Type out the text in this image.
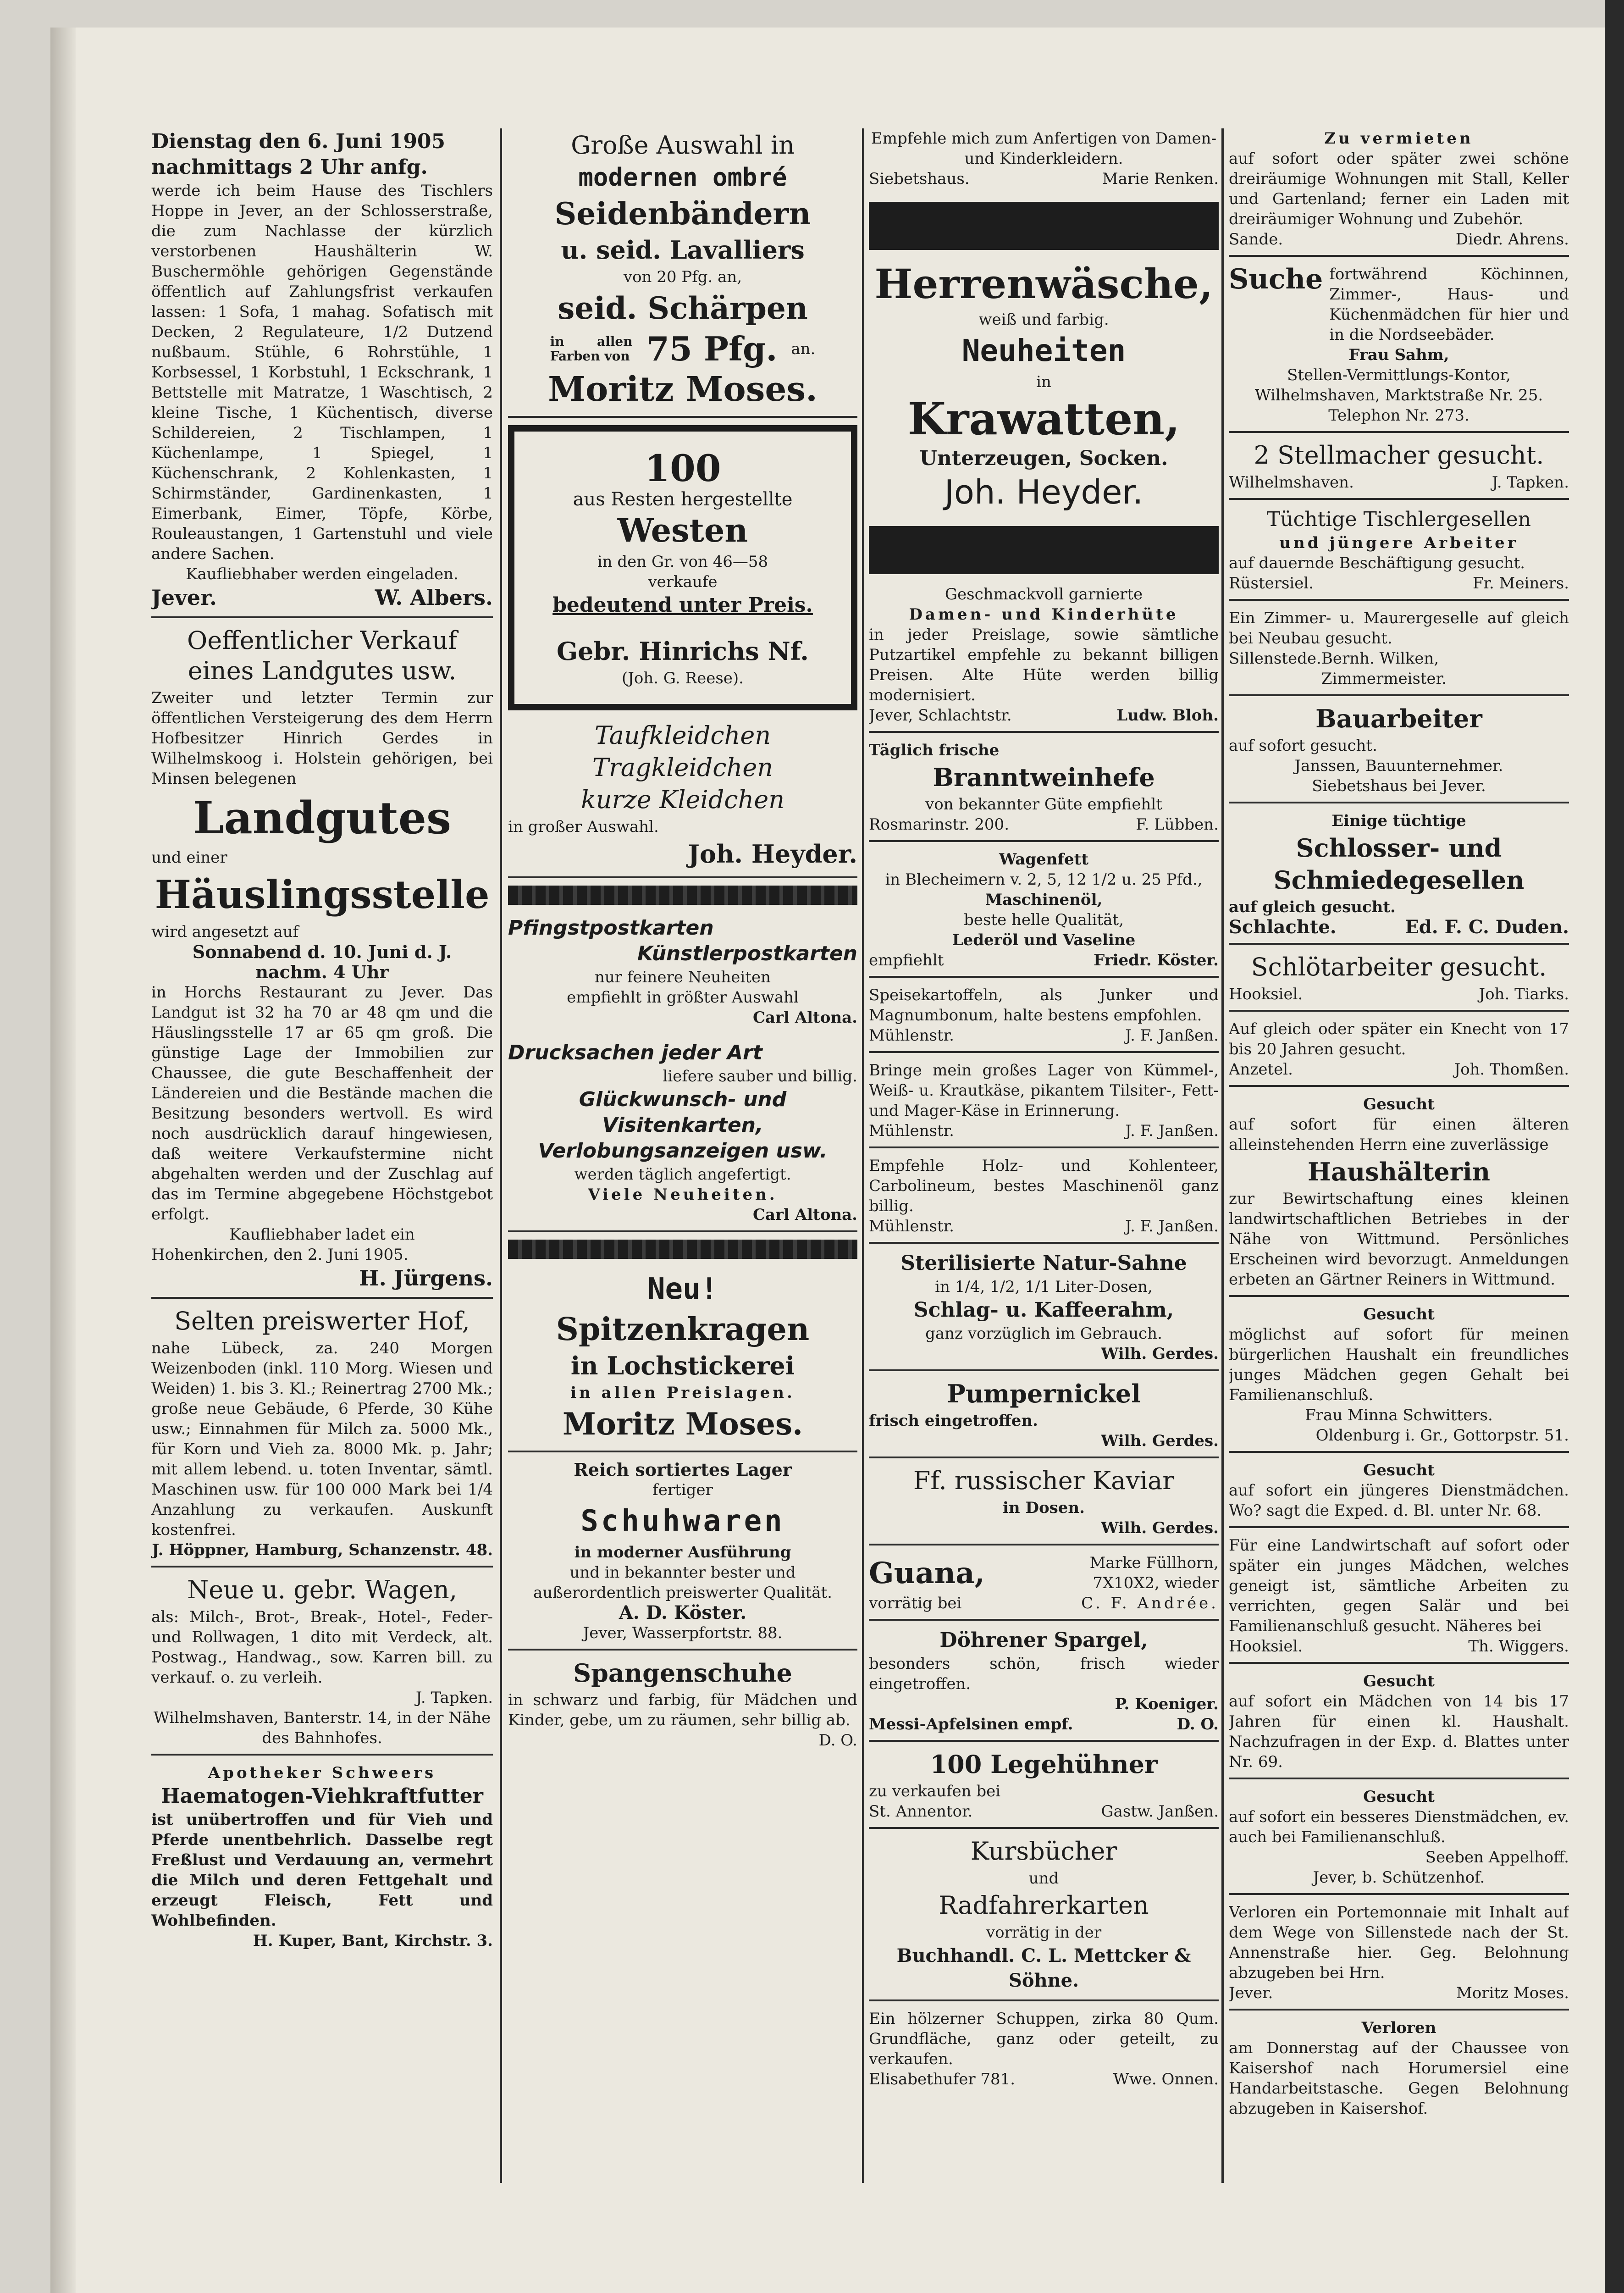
Dienstag den 6. Juni 1905

nachmittags 2 Uhr anfg.

werde ich beim Hause des Tischlers Hoppe in Jever, an der Schlosserstraße, die zum Nachlasse der kürzlich verstorbenen Haushälterin W. Buschermöhle gehörigen Gegenstände öffentlich auf Zahlungsfrist verkaufen lassen: 1 Sofa, 1 mahag. Sofatisch mit Decken, 2 Regulateure, 1/2 Dutzend nußbaum. Stühle, 6 Rohrstühle, 1 Korbsessel, 1 Korbstuhl, 1 Eckschrank, 1 Bettstelle mit Matratze, 1 Waschtisch, 2 kleine Tische, 1 Küchentisch, diverse Schildereien, 2 Tischlampen, 1 Küchenlampe, 1 Spiegel, 1 Küchenschrank, 2 Kohlenkasten, 1 Schirmständer, Gardinenkasten, 1 Eimerbank, Eimer, Töpfe, Körbe, Rouleaustangen, 1 Gartenstuhl und viele andere Sachen.

Kaufliebhaber werden eingeladen.

Jever.	W. Albers.

Oeffentlicher Verkauf eines Landgutes usw.

Zweiter und letzter Termin zur öffentlichen Versteigerung des dem Herrn Hofbesitzer Hinrich Gerdes in Wilhelmskoog i. Holstein gehörigen, bei Minsen belegenen

Landgutes

und einer

Häuslingsstelle

wird angesetzt auf

Sonnabend d. 10. Juni d. J.

nachm. 4 Uhr

in Horchs Restaurant zu Jever. Das Landgut ist 32 ha 70 ar 48 qm und die Häuslingsstelle 17 ar 65 qm groß. Die günstige Lage der Immobilien zur Chaussee, die gute Beschaffenheit der Ländereien und die Bestände machen die Besitzung besonders wertvoll. Es wird noch ausdrücklich darauf hingewiesen, daß weitere Verkaufstermine nicht abgehalten werden und der Zuschlag auf das im Termine abgegebene Höchstgebot erfolgt.

Kaufliebhaber ladet ein

Hohenkirchen, den 2. Juni 1905.

H. Jürgens.

Selten preiswerter Hof,

nahe Lübeck, za. 240 Morgen Weizenboden (inkl. 110 Morg. Wiesen und Weiden) 1. bis 3. Kl.; Reinertrag 2700 Mk.; große neue Gebäude, 6 Pferde, 30 Kühe usw.; Einnahmen für Milch za. 5000 Mk., für Korn und Vieh za. 8000 Mk. p. Jahr; mit allem lebend. u. toten Inventar, sämtl. Maschinen usw. für 100 000 Mark bei 1/4 Anzahlung zu verkaufen. Auskunft kostenfrei.

J. Höppner, Hamburg, Schanzenstr. 48.

Neue u. gebr. Wagen,

als: Milch-, Brot-, Break-, Hotel-, Feder- und Rollwagen, 1 dito mit Verdeck, alt. Postwag., Handwag., sow. Karren bill. zu verkauf. o. zu verleih.

J. Tapken.

Wilhelmshaven, Banterstr. 14, in der Nähe des Bahnhofes.

Apotheker Schweers

Haematogen-Viehkraftfutter

ist unübertroffen und für Vieh und Pferde unentbehrlich. Dasselbe regt Freßlust und Verdauung an, vermehrt die Milch und deren Fettgehalt und erzeugt Fleisch, Fett und Wohlbefinden.

H. Kuper, Bant, Kirchstr. 3.

Große Auswahl in

modernen ombré

Seidenbändern

u. seid. Lavalliers

von 20 Pfg. an,

seid. Schärpen

in allen Farben von 75 Pfg. an.

Moritz Moses.

100

aus Resten hergestellte

Westen

in den Gr. von 46—58

verkaufe

bedeutend unter Preis.

Gebr. Hinrichs Nf.

(Joh. G. Reese).

Taufkleidchen

Tragkleidchen

kurze Kleidchen

in großer Auswahl.

Joh. Heyder.

Pfingstpostkarten

Künstlerpostkarten

nur feinere Neuheiten

empfiehlt in größter Auswahl

Carl Altona.

Drucksachen jeder Art

liefere sauber und billig.

Glückwunsch- und

Visitenkarten,

Verlobungsanzeigen usw.

werden täglich angefertigt.

Viele Neuheiten.

Carl Altona.

Neu!

Spitzenkragen

in Lochstickerei

in allen Preislagen.

Moritz Moses.

Reich sortiertes Lager

fertiger

Schuhwaren

in moderner Ausführung

und in bekannter bester und außerordentlich preiswerter Qualität.

A. D. Köster.

Jever, Wasserpfortstr. 88.

Spangenschuhe

in schwarz und farbig, für Mädchen und Kinder, gebe, um zu räumen, sehr billig ab.

D. O.

Empfehle mich zum Anfertigen von Damen- und Kinderkleidern.

Siebetshaus.	Marie Renken.

Herrenwäsche,

weiß und farbig.

Neuheiten

in

Krawatten,

Unterzeugen, Socken.

Joh. Heyder.

Geschmackvoll garnierte

Damen- und Kinderhüte

in jeder Preislage, sowie sämtliche Putzartikel empfehle zu bekannt billigen Preisen. Alte Hüte werden billig modernisiert.

Jever, Schlachtstr.	Ludw. Bloh.

Täglich frische

Branntweinhefe

von bekannter Güte empfiehlt

Rosmarinstr. 200.	F. Lübben.

Wagenfett

in Blecheimern v. 2, 5, 12 1/2 u. 25 Pfd.,

Maschinenöl,

beste helle Qualität,

Lederöl und Vaseline

empfiehlt	Friedr. Köster.

Speisekartoffeln, als Junker und Magnumbonum, halte bestens empfohlen.

Mühlenstr.	J. F. Janßen.

Bringe mein großes Lager von Kümmel-, Weiß- u. Krautkäse, pikantem Tilsiter-, Fett- und Mager-Käse in Erinnerung.

Mühlenstr.	J. F. Janßen.

Empfehle Holz- und Kohlenteer, Carbolineum, bestes Maschinenöl ganz billig.

Mühlenstr.	J. F. Janßen.

Sterilisierte Natur-Sahne

in 1/4, 1/2, 1/1 Liter-Dosen,

Schlag- u. Kaffeerahm,

ganz vorzüglich im Gebrauch.

Wilh. Gerdes.

Pumpernickel

frisch eingetroffen.

Wilh. Gerdes.

Ff. russischer Kaviar

in Dosen.

Wilh. Gerdes.

Guana,	Marke Füllhorn,

7X10X2, wieder

vorrätig bei	C. F. Andrée.

Döhrener Spargel,

besonders schön, frisch wieder eingetroffen.

P. Koeniger.

Messi-Apfelsinen empf.	D. O.

100 Legehühner

zu verkaufen bei

St. Annentor.	Gastw. Janßen.

Kursbücher

und

Radfahrerkarten

vorrätig in der

Buchhandl. C. L. Mettcker & Söhne.

Ein hölzerner Schuppen, zirka 80 Qum. Grundfläche, ganz oder geteilt, zu verkaufen.

Elisabethufer 781.	Wwe. Onnen.

Zu vermieten

auf sofort oder später zwei schöne dreiräumige Wohnungen mit Stall, Keller und Gartenland; ferner ein Laden mit dreiräumiger Wohnung und Zubehör.

Sande.	Diedr. Ahrens.
Suche fortwährend Köchinnen, Zimmer-, Haus- und Küchenmädchen für hier und in die Nordseebäder.

Frau Sahm,

Stellen-Vermittlungs-Kontor,

Wilhelmshaven, Marktstraße Nr. 25.

Telephon Nr. 273.

2 Stellmacher gesucht.

Wilhelmshaven.	J. Tapken.

Tüchtige Tischlergesellen

und jüngere Arbeiter

auf dauernde Beschäftigung gesucht.

Rüstersiel.	Fr. Meiners.

Ein Zimmer- u. Maurergeselle auf gleich bei Neubau gesucht.

Sillenstede. Bernh. Wilken, Zimmermeister.

Bauarbeiter

auf sofort gesucht.

Janssen, Bauunternehmer.

Siebetshaus bei Jever.

Einige tüchtige

Schlosser- und

Schmiedegesellen

auf gleich gesucht.

Schlachte.	Ed. F. C. Duden.

Schlötarbeiter gesucht.

Hooksiel.	Joh. Tiarks.

Auf gleich oder später ein Knecht von 17 bis 20 Jahren gesucht.

Anzetel.	Joh. Thomßen.

Gesucht

auf sofort für einen älteren alleinstehenden Herrn eine zuverlässige

Haushälterin

zur Bewirtschaftung eines kleinen landwirtschaftlichen Betriebes in der Nähe von Wittmund. Persönliches Erscheinen wird bevorzugt. Anmeldungen erbeten an Gärtner Reiners in Wittmund.

Gesucht

möglichst auf sofort für meinen bürgerlichen Haushalt ein freundliches junges Mädchen gegen Gehalt bei Familienanschluß.

Frau Minna Schwitters.

Oldenburg i. Gr., Gottorpstr. 51.

Gesucht

auf sofort ein jüngeres Dienstmädchen. Wo? sagt die Exped. d. Bl. unter Nr. 68.

Für eine Landwirtschaft auf sofort oder später ein junges Mädchen, welches geneigt ist, sämtliche Arbeiten zu verrichten, gegen Salär und bei Familienanschluß gesucht. Näheres bei

Hooksiel.	Th. Wiggers.

Gesucht

auf sofort ein Mädchen von 14 bis 17 Jahren für einen kl. Haushalt. Nachzufragen in der Exp. d. Blattes unter Nr. 69.

Gesucht

auf sofort ein besseres Dienstmädchen, ev. auch bei Familienanschluß.

Seeben Appelhoff.

Jever, b. Schützenhof.

Verloren ein Portemonnaie mit Inhalt auf dem Wege von Sillenstede nach der St. Annenstraße hier. Geg. Belohnung abzugeben bei Hrn.

Jever.	Moritz Moses.

Verloren

am Donnerstag auf der Chaussee von Kaisershof nach Horumersiel eine Handarbeitstasche. Gegen Belohnung abzugeben in Kaisershof.
